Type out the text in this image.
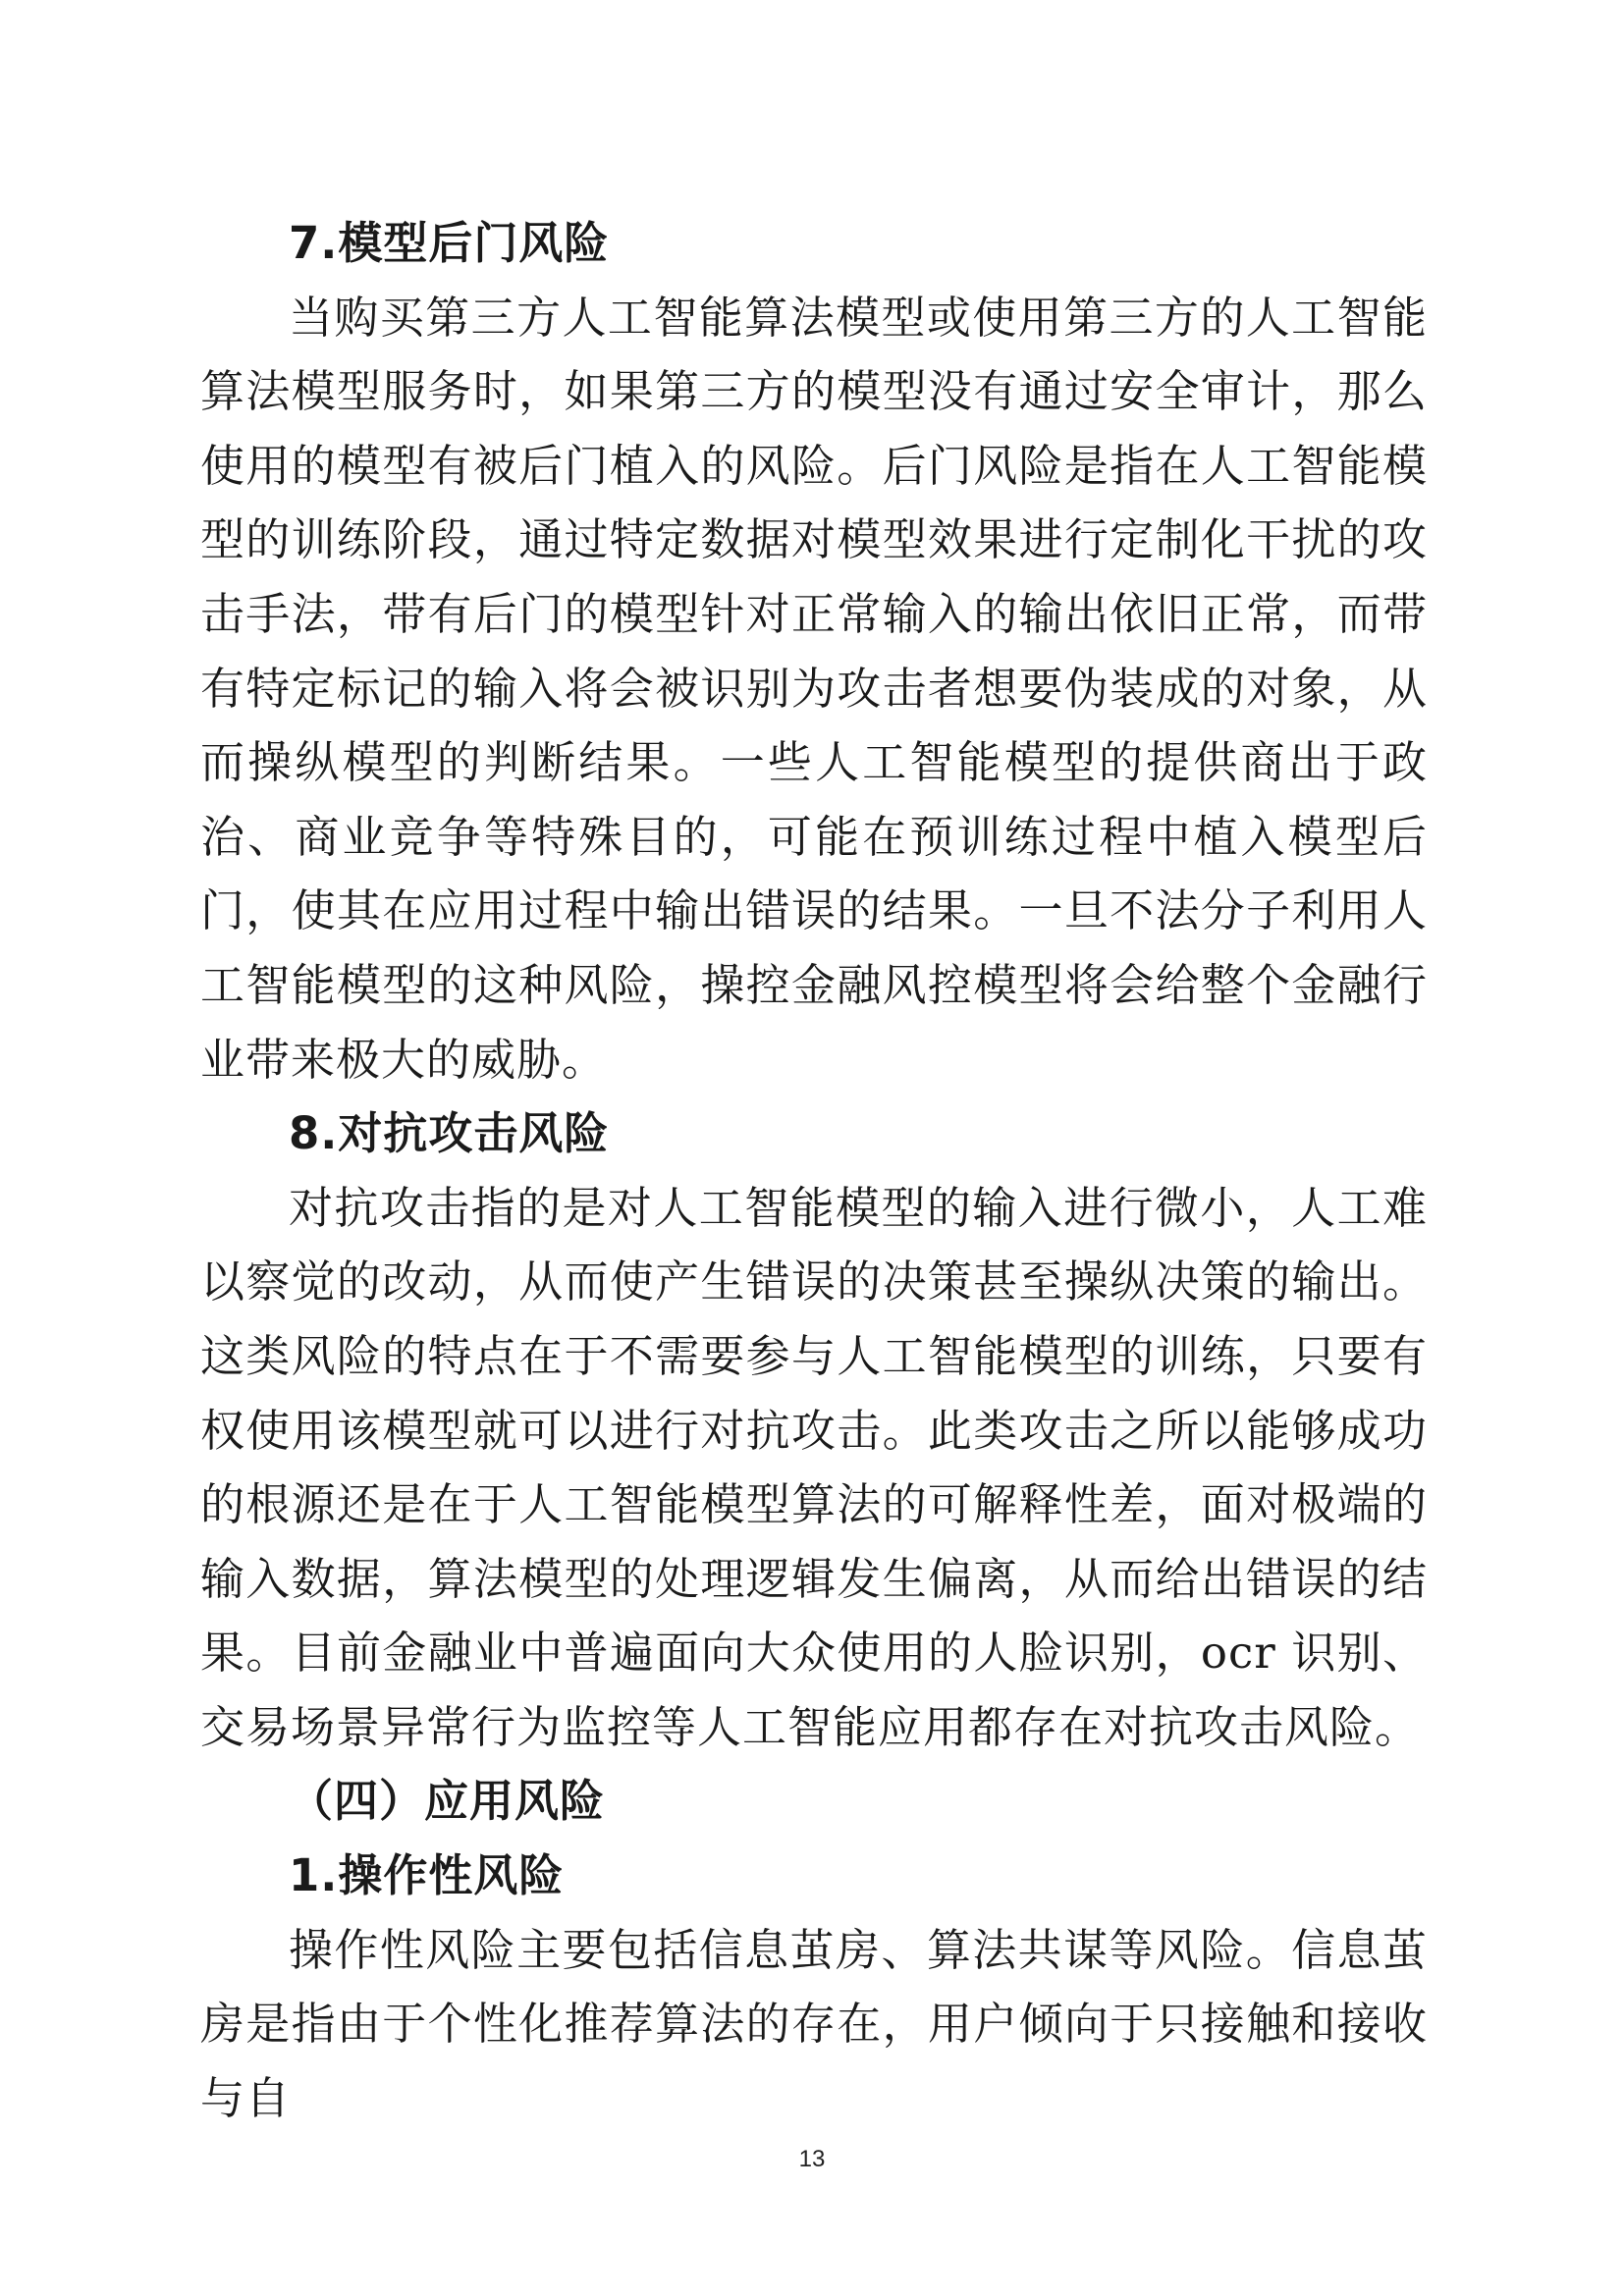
7.模型后门风险

当购买第三方人工智能算法模型或使用第三方的人工智能算法模型服务时，如果第三方的模型没有通过安全审计，那么使用的模型有被后门植入的风险。后门风险是指在人工智能模型的训练阶段，通过特定数据对模型效果进行定制化干扰的攻击手法，带有后门的模型针对正常输入的输出依旧正常，而带有特定标记的输入将会被识别为攻击者想要伪装成的对象，从而操纵模型的判断结果。一些人工智能模型的提供商出于政治、商业竞争等特殊目的，可能在预训练过程中植入模型后门，使其在应用过程中输出错误的结果。一旦不法分子利用人工智能模型的这种风险，操控金融风控模型将会给整个金融行业带来极大的威胁。

8.对抗攻击风险

对抗攻击指的是对人工智能模型的输入进行微小，人工难以察觉的改动，从而使产生错误的决策甚至操纵决策的输出。这类风险的特点在于不需要参与人工智能模型的训练，只要有权使用该模型就可以进行对抗攻击。此类攻击之所以能够成功的根源还是在于人工智能模型算法的可解释性差，面对极端的输入数据，算法模型的处理逻辑发生偏离，从而给出错误的结果。目前金融业中普遍面向大众使用的人脸识别，ocr 识别、交易场景异常行为监控等人工智能应用都存在对抗攻击风险。

（四）应用风险

1.操作性风险

操作性风险主要包括信息茧房、算法共谋等风险。信息茧房是指由于个性化推荐算法的存在，用户倾向于只接触和接收与自

13
